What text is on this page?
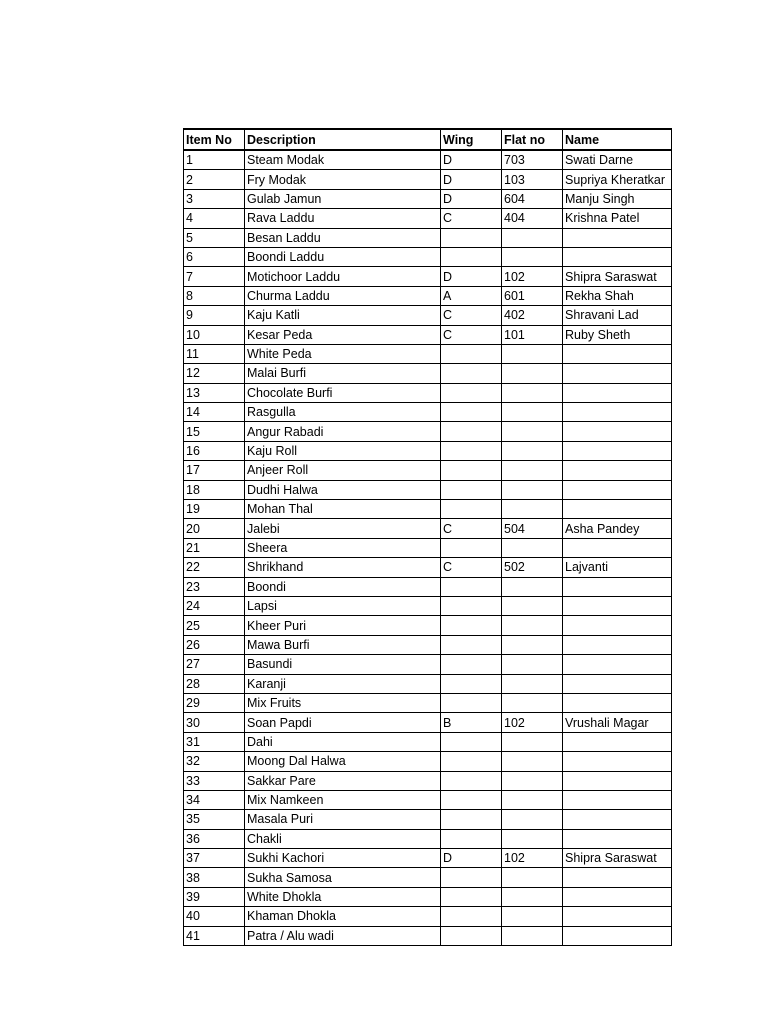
Item No	Description	Wing	Flat no	Name
1	Steam Modak	D	703	Swati Darne
2	Fry Modak	D	103	Supriya Kheratkar
3	Gulab Jamun	D	604	Manju Singh
4	Rava Laddu	C	404	Krishna Patel
5	Besan Laddu			
6	Boondi Laddu			
7	Motichoor Laddu	D	102	Shipra Saraswat
8	Churma Laddu	A	601	Rekha Shah
9	Kaju Katli	C	402	Shravani Lad
10	Kesar Peda	C	101	Ruby Sheth
11	White Peda			
12	Malai Burfi			
13	Chocolate Burfi			
14	Rasgulla			
15	Angur Rabadi			
16	Kaju Roll			
17	Anjeer Roll			
18	Dudhi Halwa			
19	Mohan Thal			
20	Jalebi	C	504	Asha Pandey
21	Sheera			
22	Shrikhand	C	502	Lajvanti
23	Boondi			
24	Lapsi			
25	Kheer Puri			
26	Mawa Burfi			
27	Basundi			
28	Karanji			
29	Mix Fruits			
30	Soan Papdi	B	102	Vrushali Magar
31	Dahi			
32	Moong Dal Halwa			
33	Sakkar Pare			
34	Mix Namkeen			
35	Masala Puri			
36	Chakli			
37	Sukhi Kachori	D	102	Shipra Saraswat
38	Sukha Samosa			
39	White Dhokla			
40	Khaman Dhokla			
41	Patra / Alu wadi			
